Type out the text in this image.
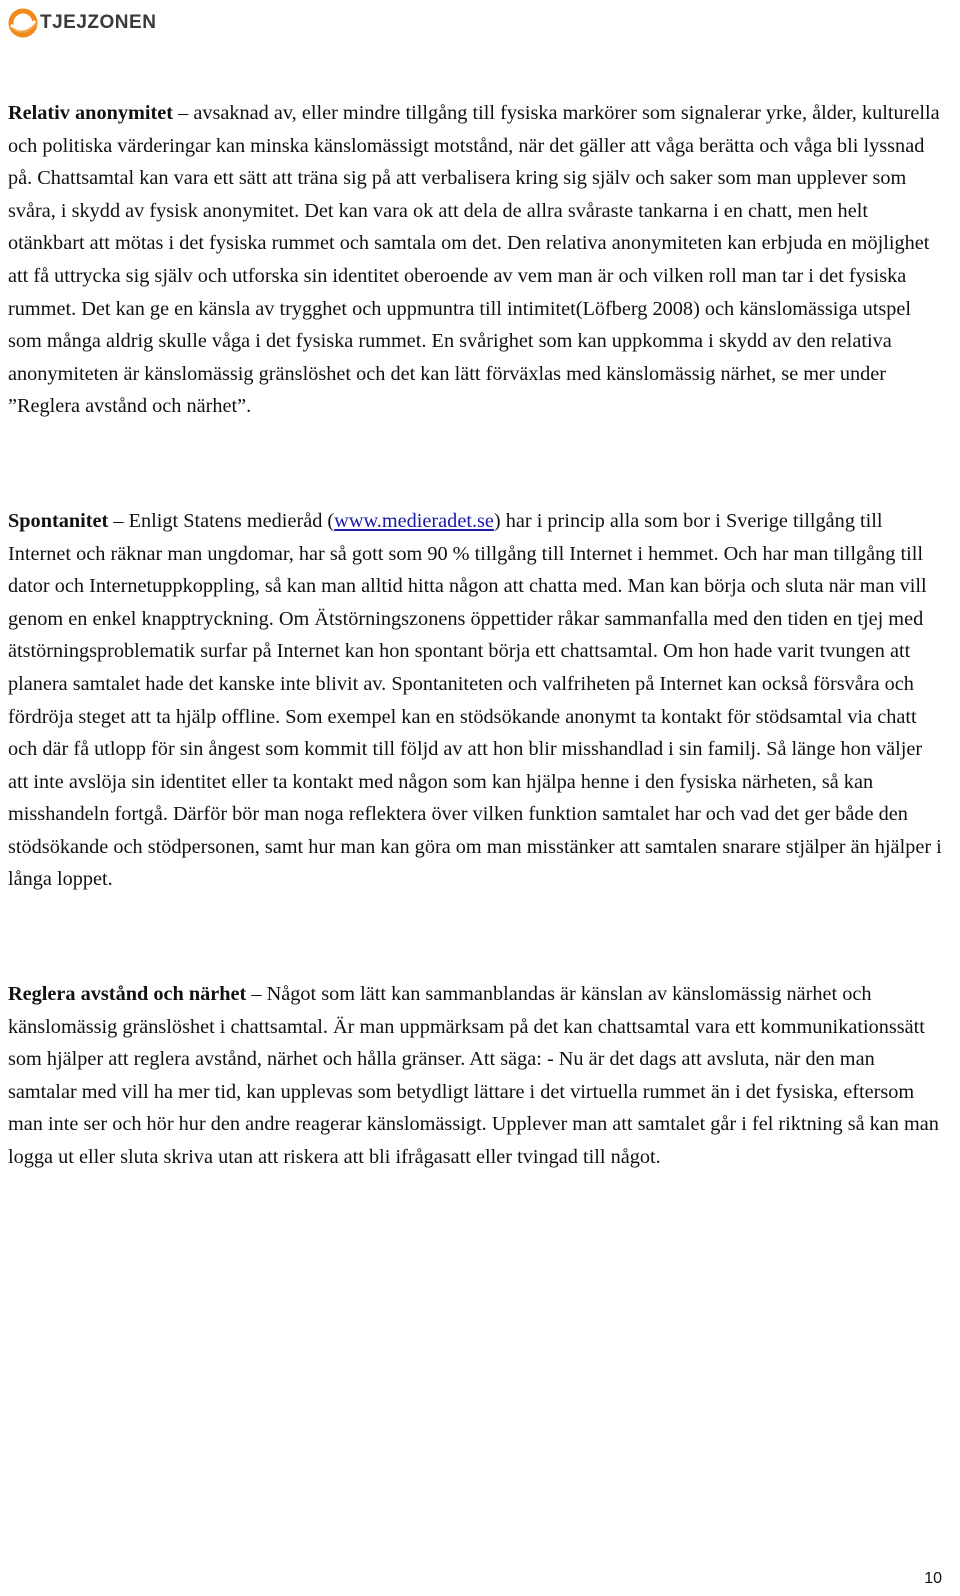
TJEJZONEN

Relativ anonymitet – avsaknad av, eller mindre tillgång till fysiska markörer som signalerar yrke, ålder, kulturella och politiska värderingar kan minska känslomässigt motstånd, när det gäller att våga berätta och våga bli lyssnad på. Chattsamtal kan vara ett sätt att träna sig på att verbalisera kring sig själv och saker som man upplever som svåra, i skydd av fysisk anonymitet. Det kan vara ok att dela de allra svåraste tankarna i en chatt, men helt otänkbart att mötas i det fysiska rummet och samtala om det. Den relativa anonymiteten kan erbjuda en möjlighet att få uttrycka sig själv och utforska sin identitet oberoende av vem man är och vilken roll man tar i det fysiska rummet. Det kan ge en känsla av trygghet och uppmuntra till intimitet(Löfberg 2008) och känslomässiga utspel som många aldrig skulle våga i det fysiska rummet. En svårighet som kan uppkomma i skydd av den relativa anonymiteten är känslomässig gränslöshet och det kan lätt förväxlas med känslomässig närhet, se mer under ”Reglera avstånd och närhet”.

Spontanitet – Enligt Statens medieråd (www.medieradet.se) har i princip alla som bor i Sverige tillgång till Internet och räknar man ungdomar, har så gott som 90 % tillgång till Internet i hemmet. Och har man tillgång till dator och Internetuppkoppling, så kan man alltid hitta någon att chatta med. Man kan börja och sluta när man vill genom en enkel knapptryckning. Om Ätstörningszonens öppettider råkar sammanfalla med den tiden en tjej med ätstörningsproblematik surfar på Internet kan hon spontant börja ett chattsamtal. Om hon hade varit tvungen att planera samtalet hade det kanske inte blivit av. Spontaniteten och valfriheten på Internet kan också försvåra och fördröja steget att ta hjälp offline. Som exempel kan en stödsökande anonymt ta kontakt för stödsamtal via chatt och där få utlopp för sin ångest som kommit till följd av att hon blir misshandlad i sin familj. Så länge hon väljer att inte avslöja sin identitet eller ta kontakt med någon som kan hjälpa henne i den fysiska närheten, så kan misshandeln fortgå. Därför bör man noga reflektera över vilken funktion samtalet har och vad det ger både den stödsökande och stödpersonen, samt hur man kan göra om man misstänker att samtalen snarare stjälper än hjälper i långa loppet.

Reglera avstånd och närhet – Något som lätt kan sammanblandas är känslan av känslomässig närhet och känslomässig gränslöshet i chattsamtal. Är man uppmärksam på det kan chattsamtal vara ett kommunikationssätt som hjälper att reglera avstånd, närhet och hålla gränser. Att säga: - Nu är det dags att avsluta, när den man samtalar med vill ha mer tid, kan upplevas som betydligt lättare i det virtuella rummet än i det fysiska, eftersom man inte ser och hör hur den andre reagerar känslomässigt. Upplever man att samtalet går i fel riktning så kan man logga ut eller sluta skriva utan att riskera att bli ifrågasatt eller tvingad till något.

10
